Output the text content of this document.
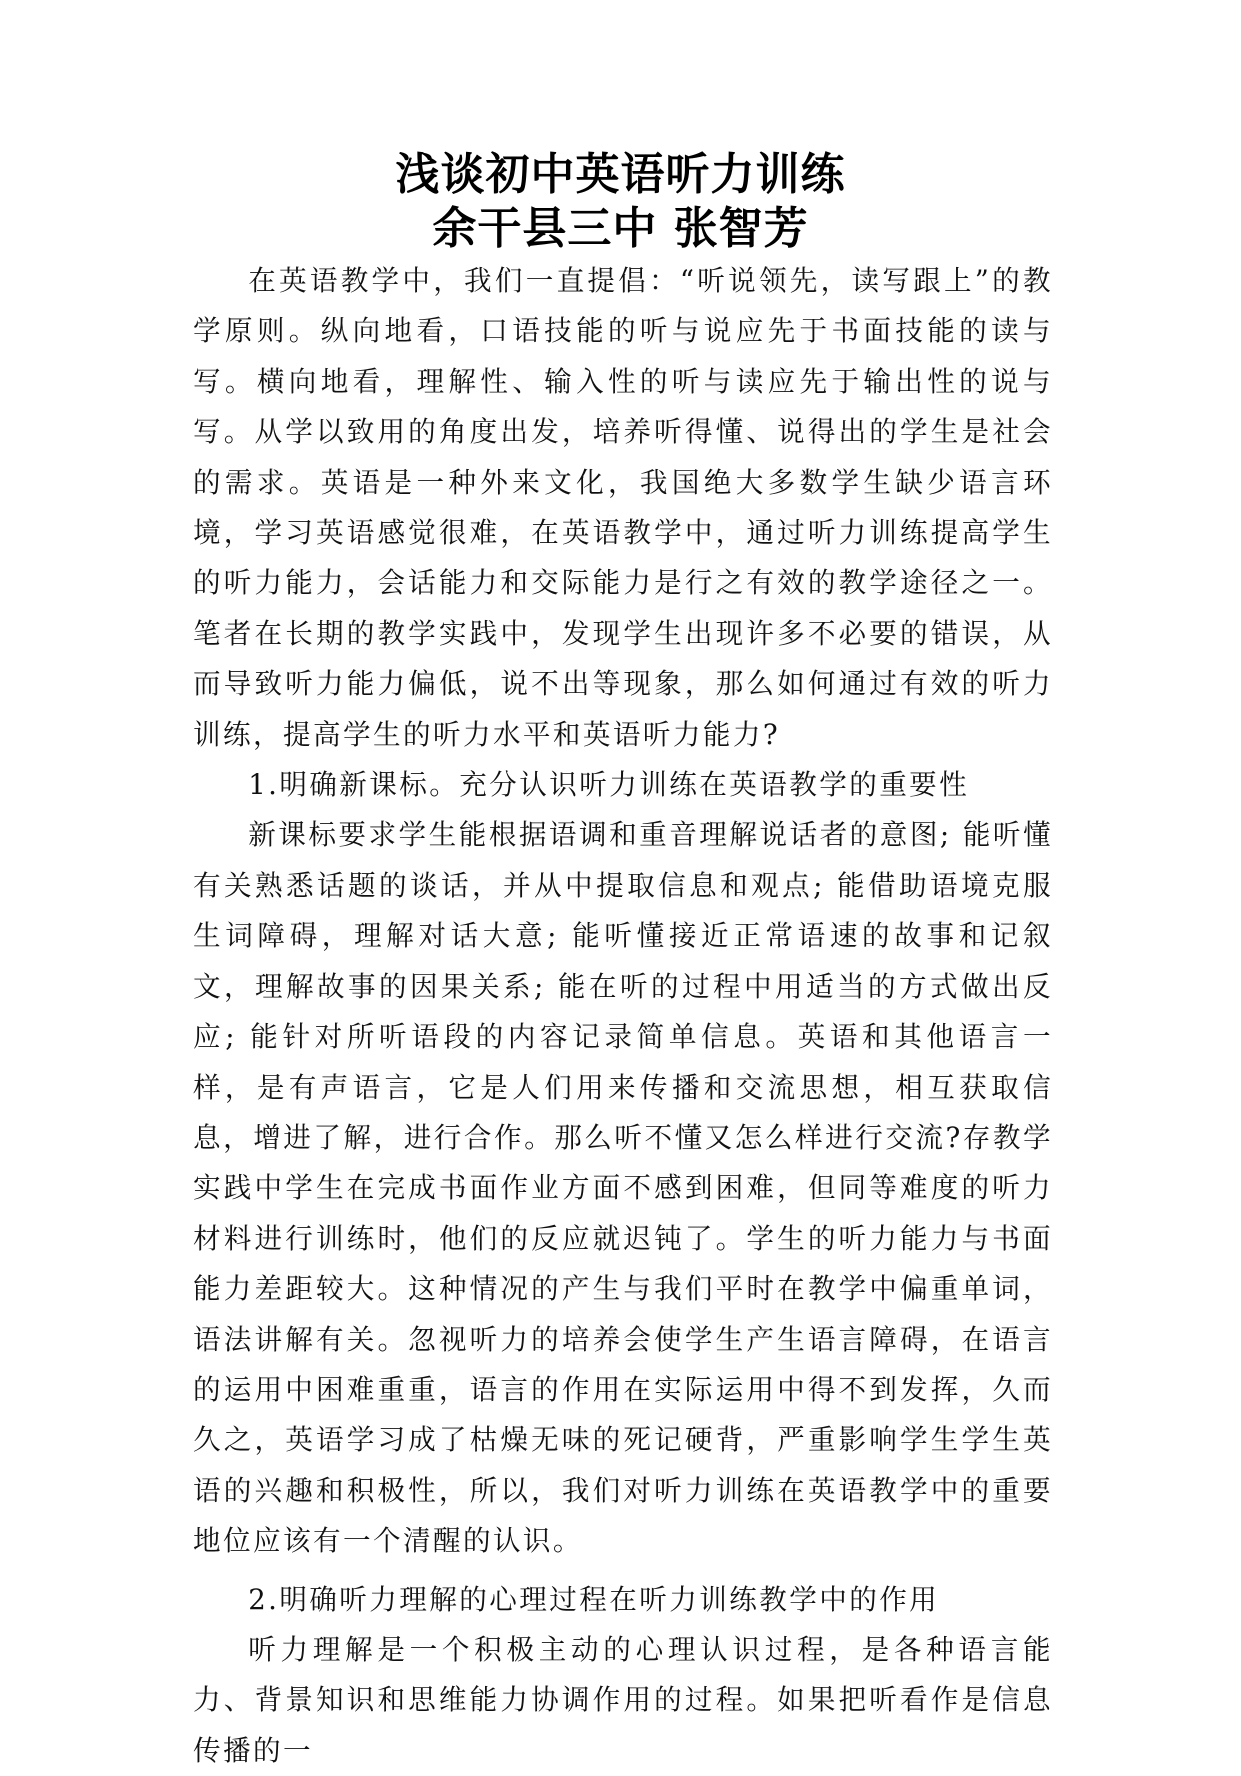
浅谈初中英语听力训练
余干县三中 张智芳

在英语教学中，我们一直提倡：“听说领先，读写跟上”的教学原则。纵向地看，口语技能的听与说应先于书面技能的读与写。横向地看，理解性、输入性的听与读应先于输出性的说与写。从学以致用的角度出发，培养听得懂、说得出的学生是社会的需求。英语是一种外来文化，我国绝大多数学生缺少语言环境，学习英语感觉很难，在英语教学中，通过听力训练提高学生的听力能力，会话能力和交际能力是行之有效的教学途径之一。笔者在长期的教学实践中，发现学生出现许多不必要的错误，从而导致听力能力偏低，说不出等现象，那么如何通过有效的听力训练，提高学生的听力水平和英语听力能力?

1.明确新课标。充分认识听力训练在英语教学的重要性

新课标要求学生能根据语调和重音理解说话者的意图; 能听懂有关熟悉话题的谈话，并从中提取信息和观点; 能借助语境克服生词障碍，理解对话大意; 能听懂接近正常语速的故事和记叙文，理解故事的因果关系; 能在听的过程中用适当的方式做出反应; 能针对所听语段的内容记录简单信息。英语和其他语言一样，是有声语言，它是人们用来传播和交流思想，相互获取信息，增进了解，进行合作。那么听不懂又怎么样进行交流?存教学实践中学生在完成书面作业方面不感到困难，但同等难度的听力材料进行训练时，他们的反应就迟钝了。学生的听力能力与书面能力差距较大。这种情况的产生与我们平时在教学中偏重单词，语法讲解有关。忽视听力的培养会使学生产生语言障碍，在语言的运用中困难重重，语言的作用在实际运用中得不到发挥，久而久之，英语学习成了枯燥无味的死记硬背，严重影响学生学生英语的兴趣和积极性，所以，我们对听力训练在英语教学中的重要地位应该有一个清醒的认识。

2.明确听力理解的心理过程在听力训练教学中的作用

听力理解是一个积极主动的心理认识过程，是各种语言能力、背景知识和思维能力协调作用的过程。如果把听看作是信息传播的一
